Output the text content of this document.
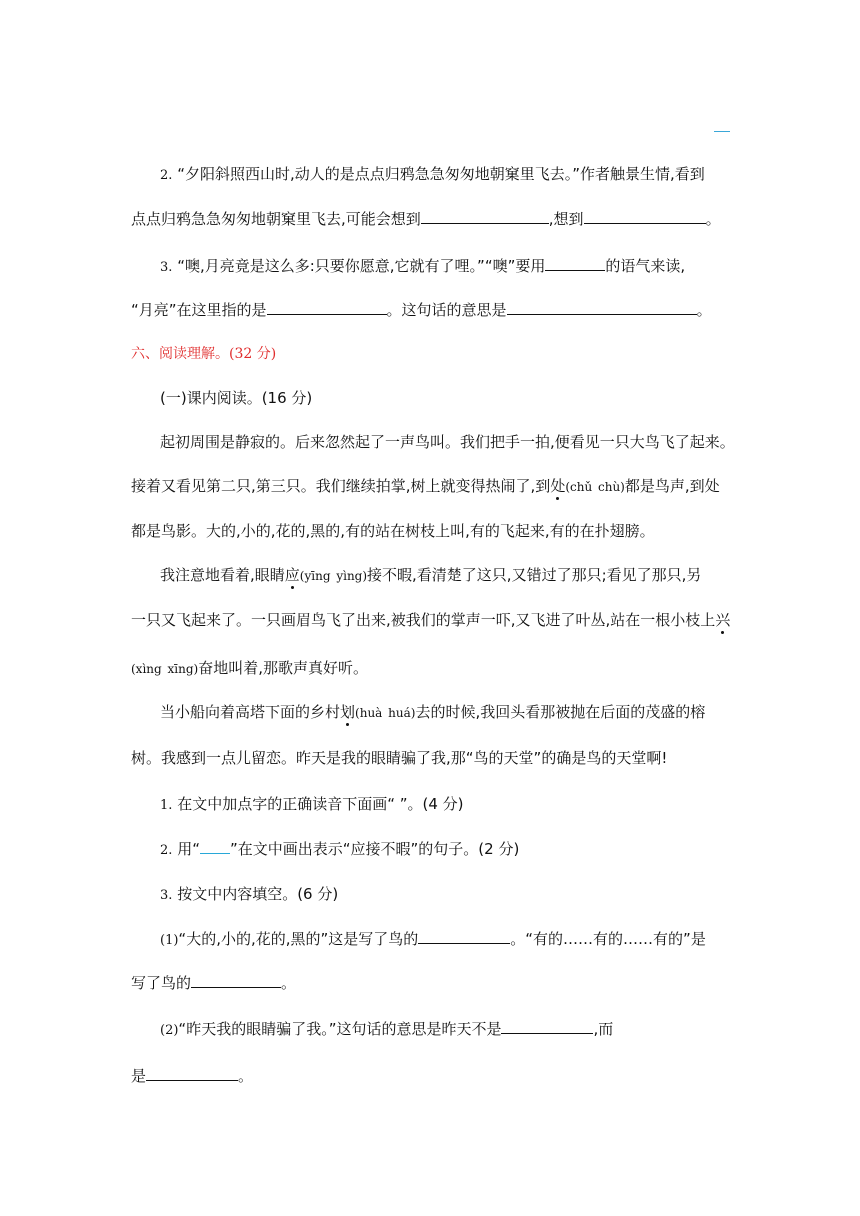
2. “夕阳斜照西山时,动人的是点点归鸦急急匆匆地朝窠里飞去。”作者触景生情,看到
点点归鸦急急匆匆地朝窠里飞去,可能会想到	,想到	。
3. “噢,月亮竟是这么多:只要你愿意,它就有了哩。”“噢”要用	的语气来读,
“月亮”在这里指的是	。这句话的意思是	。
六、阅读理解。(32 分)
(一)课内阅读。(16 分)
起初周围是静寂的。后来忽然起了一声鸟叫。我们把手一拍,便看见一只大鸟飞了起来。
接着又看见第二只,第三只。我们继续拍掌,树上就变得热闹了,到处(chǔ chù)都是鸟声,到处
都是鸟影。大的,小的,花的,黑的,有的站在树枝上叫,有的飞起来,有的在扑翅膀。
我注意地看着,眼睛应(yīng yìng)接不暇,看清楚了这只,又错过了那只;看见了那只,另
一只又飞起来了。一只画眉鸟飞了出来,被我们的掌声一吓,又飞进了叶丛,站在一根小枝上兴
(xìng xīng)奋地叫着,那歌声真好听。
当小船向着高塔下面的乡村划(huà huá)去的时候,我回头看那被抛在后面的茂盛的榕
树。我感到一点儿留恋。昨天是我的眼睛骗了我,那“鸟的天堂”的确是鸟的天堂啊!
1. 在文中加点字的正确读音下面画“ ”。(4 分)
2. 用“ ”在文中画出表示“应接不暇”的句子。(2 分)
3. 按文中内容填空。(6 分)
(1)“大的,小的,花的,黑的”这是写了鸟的	。“有的……有的……有的”是
写了鸟的	。
(2)“昨天我的眼睛骗了我。”这句话的意思是昨天不是	,而
是	。
